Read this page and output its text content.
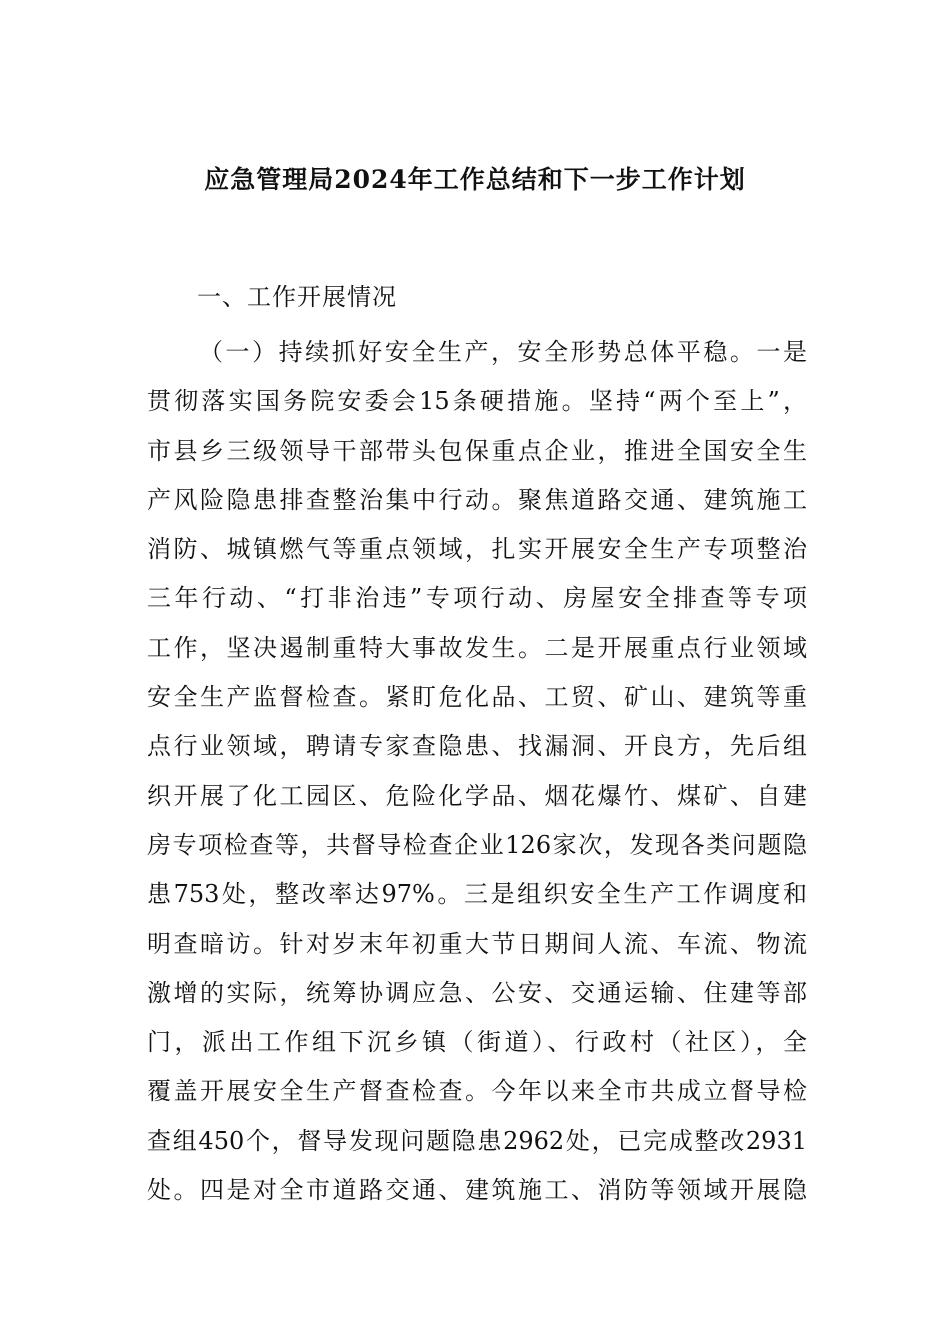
应急管理局2024年工作总结和下一步工作计划
一、工作开展情况
（一）持续抓好安全生产，安全形势总体平稳。一是
贯彻落实国务院安委会15条硬措施。坚持“两个至上”，
市县乡三级领导干部带头包保重点企业，推进全国安全生
产风险隐患排查整治集中行动。聚焦道路交通、建筑施工
消防、城镇燃气等重点领域，扎实开展安全生产专项整治
三年行动、“打非治违”专项行动、房屋安全排查等专项
工作，坚决遏制重特大事故发生。二是开展重点行业领域
安全生产监督检查。紧盯危化品、工贸、矿山、建筑等重
点行业领域，聘请专家查隐患、找漏洞、开良方，先后组
织开展了化工园区、危险化学品、烟花爆竹、煤矿、自建
房专项检查等，共督导检查企业126家次，发现各类问题隐
患753处，整改率达97%。三是组织安全生产工作调度和
明查暗访。针对岁末年初重大节日期间人流、车流、物流
激增的实际，统筹协调应急、公安、交通运输、住建等部
门，派出工作组下沉乡镇（街道）、行政村（社区），全
覆盖开展安全生产督查检查。今年以来全市共成立督导检
查组450个，督导发现问题隐患2962处，已完成整改2931
处。四是对全市道路交通、建筑施工、消防等领域开展隐
